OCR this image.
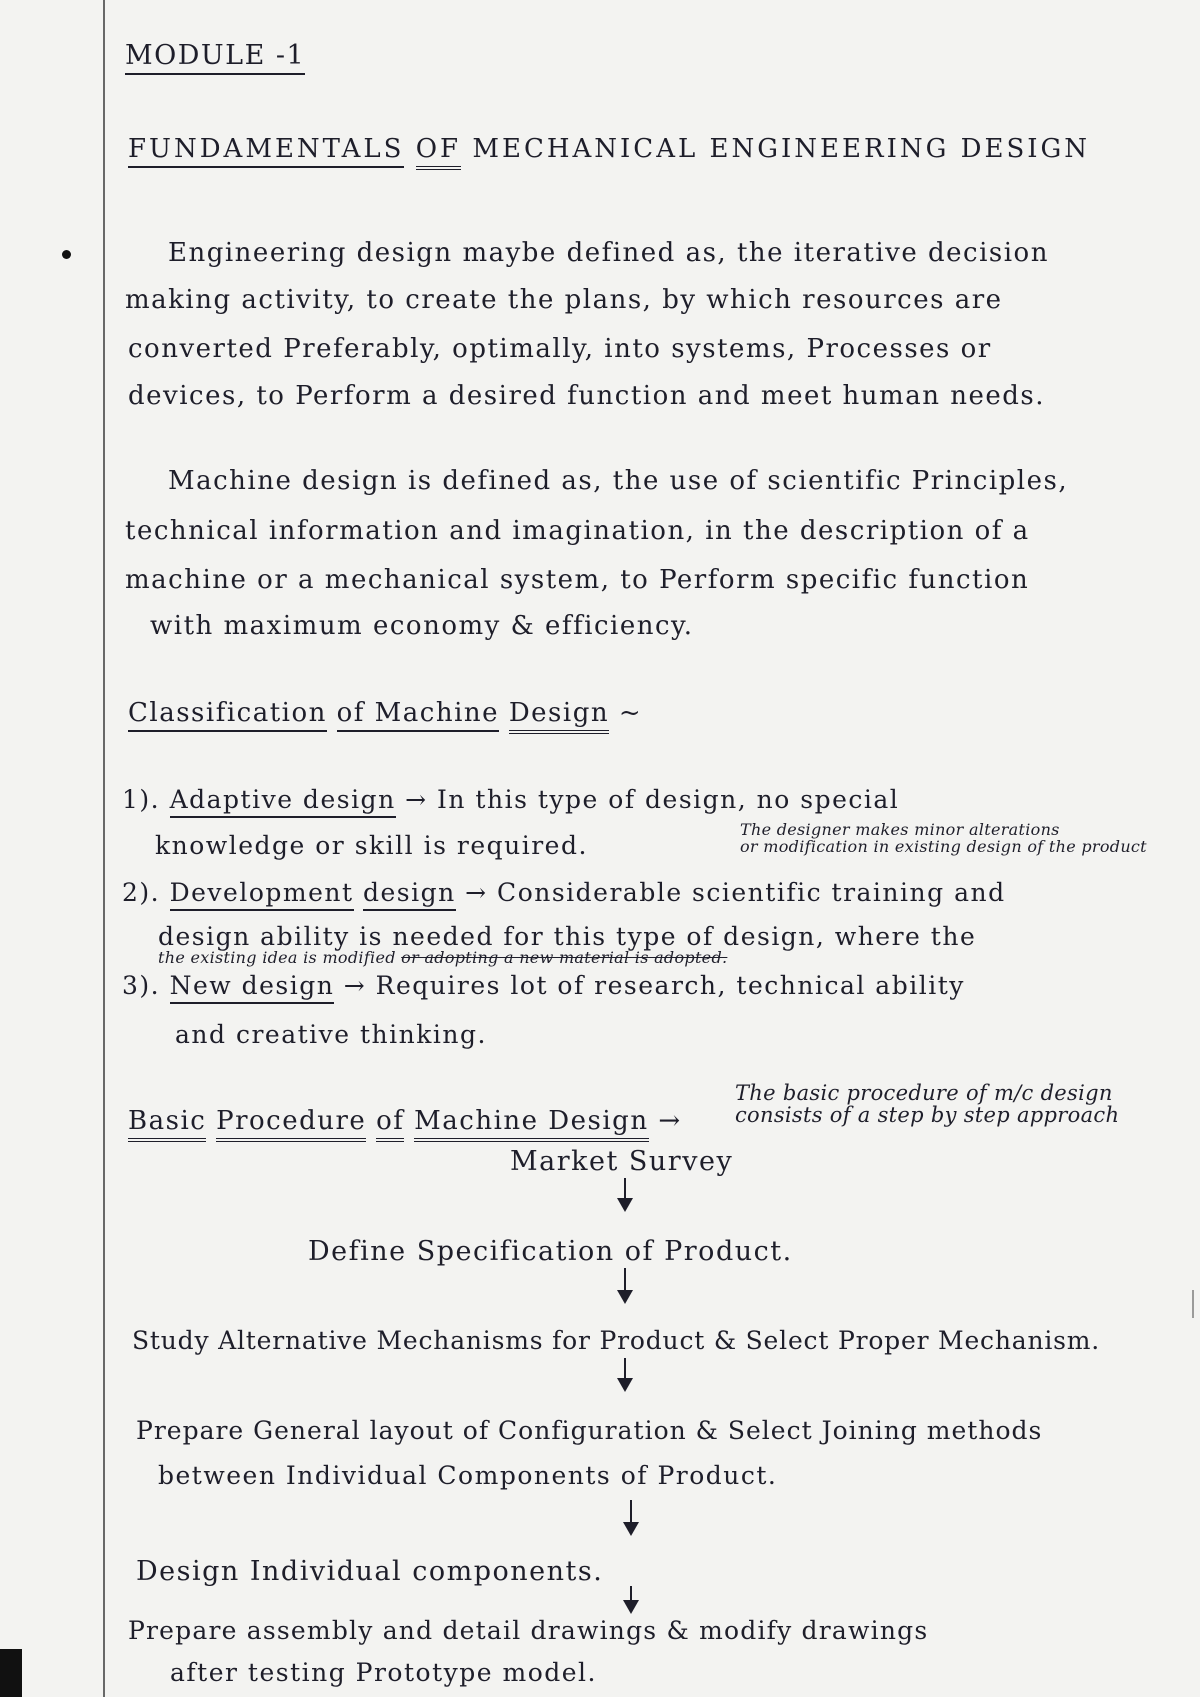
MODULE -1
FUNDAMENTALS OF MECHANICAL ENGINEERING DESIGN
Engineering design maybe defined as, the iterative decision
making activity, to create the plans, by which resources are
converted Preferably, optimally, into systems, Processes or
devices, to Perform a desired function and meet human needs.
Machine design is defined as, the use of scientific Principles,
technical information and imagination, in the description of a
machine or a mechanical system, to Perform specific function
with maximum economy & efficiency.
Classification of Machine Design ~
1). Adaptive design → In this type of design, no special
knowledge or skill is required.
The designer makes minor alterations
or modification in existing design of the product
2). Development design → Considerable scientific training and
design ability is needed for this type of design, where the
the existing idea is modified or adopting a new material is adopted.
3). New design → Requires lot of research, technical ability
and creative thinking.
Basic Procedure of Machine Design →
The basic procedure of m/c design
consists of a step by step approach
Market Survey
Define Specification of Product.
Study Alternative Mechanisms for Product & Select Proper Mechanism.
Prepare General layout of Configuration & Select Joining methods
between Individual Components of Product.
Design Individual components.
Prepare assembly and detail drawings & modify drawings
after testing Prototype model.
